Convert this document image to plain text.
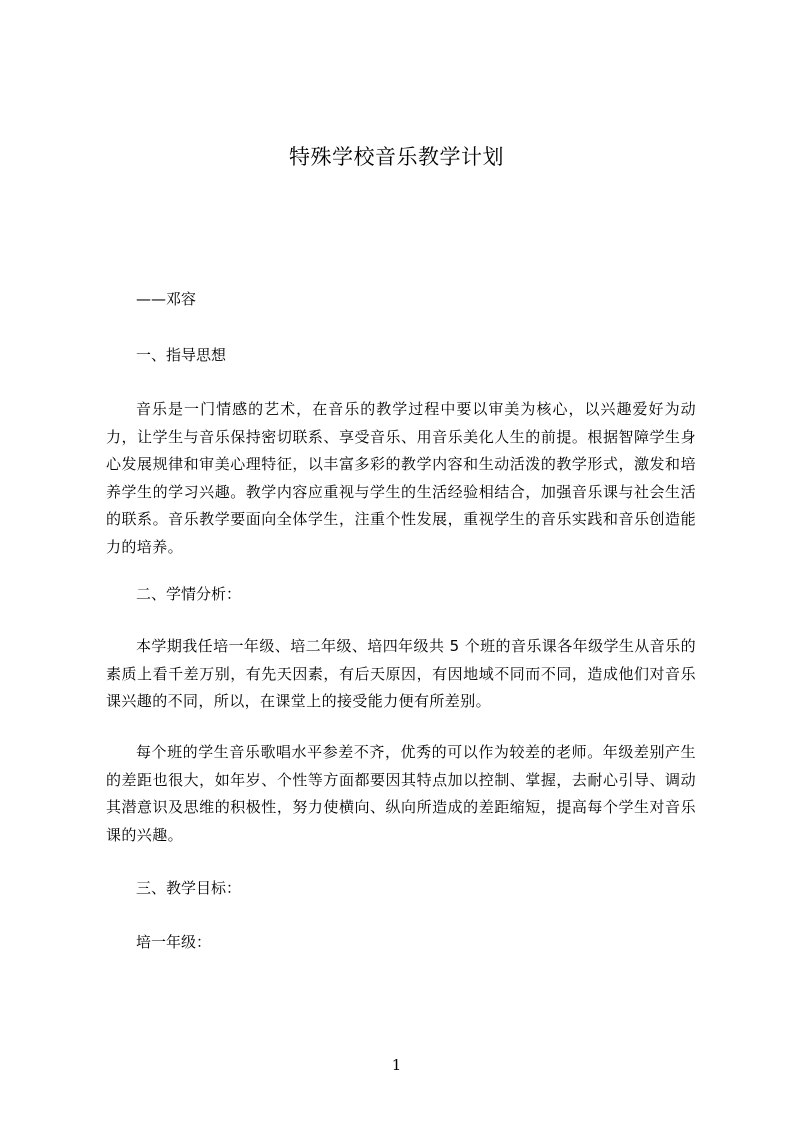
特殊学校音乐教学计划

——邓容

一、指导思想

音乐是一门情感的艺术，在音乐的教学过程中要以审美为核心，以兴趣爱好为动力，让学生与音乐保持密切联系、享受音乐、用音乐美化人生的前提。根据智障学生身心发展规律和审美心理特征，以丰富多彩的教学内容和生动活泼的教学形式，激发和培养学生的学习兴趣。教学内容应重视与学生的生活经验相结合，加强音乐课与社会生活的联系。音乐教学要面向全体学生，注重个性发展，重视学生的音乐实践和音乐创造能力的培养。

二、学情分析：

本学期我任培一年级、培二年级、培四年级共 5 个班的音乐课各年级学生从音乐的素质上看千差万别，有先天因素，有后天原因，有因地域不同而不同，造成他们对音乐课兴趣的不同，所以，在课堂上的接受能力便有所差别。

每个班的学生音乐歌唱水平参差不齐，优秀的可以作为较差的老师。年级差别产生的差距也很大，如年岁、个性等方面都要因其特点加以控制、掌握，去耐心引导、调动其潜意识及思维的积极性，努力使横向、纵向所造成的差距缩短，提高每个学生对音乐课的兴趣。

三、教学目标：

培一年级：

1
